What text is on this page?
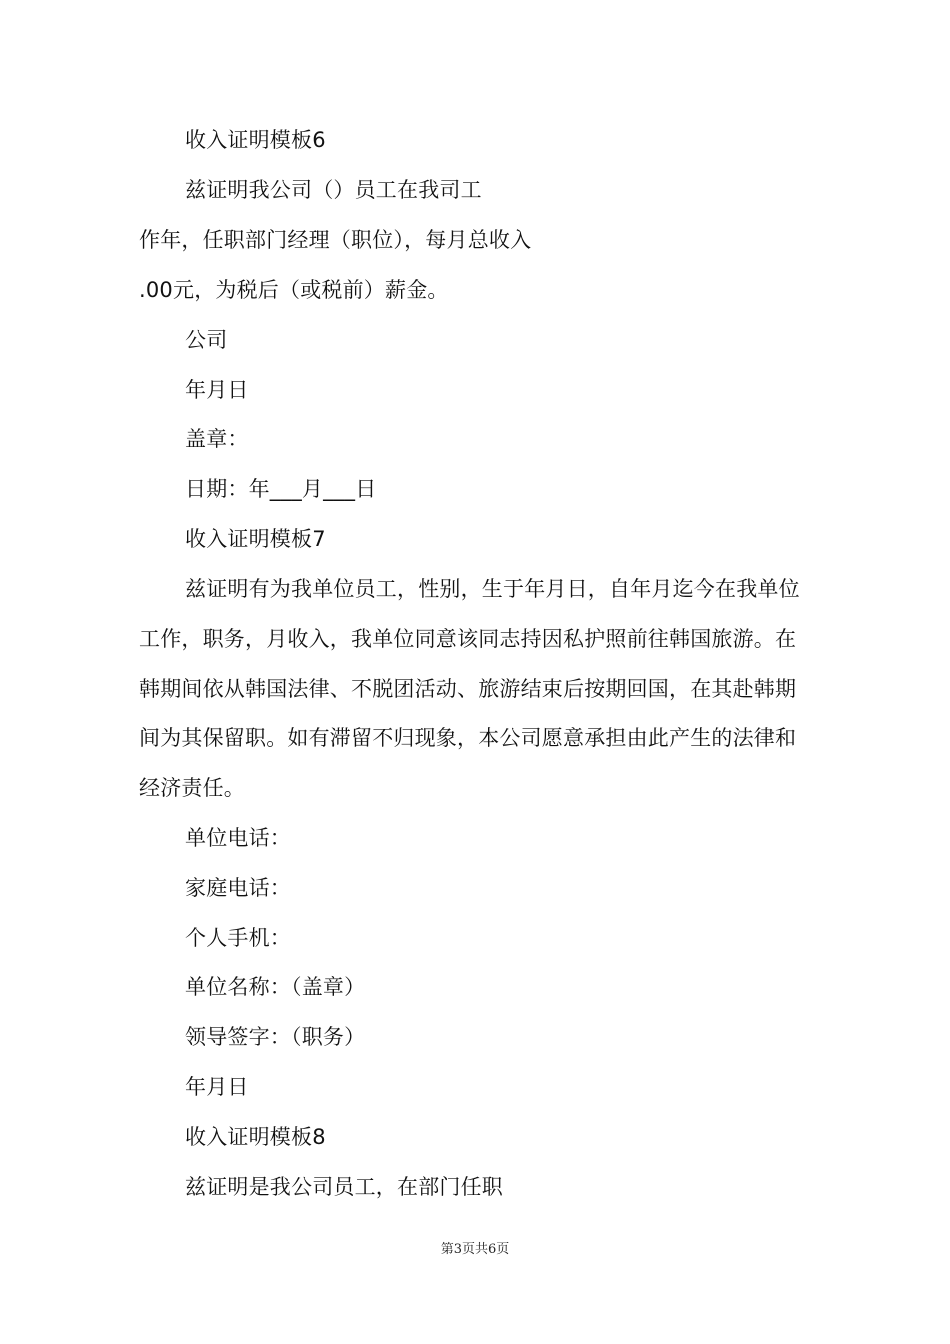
收入证明模板6
兹证明我公司（）员工在我司工
作年，任职部门经理（职位），每月总收入
.00元，为税后（或税前）薪金。
公司
年月日
盖章：
日期：年___月___日
收入证明模板7
兹证明有为我单位员工，性别，生于年月日，自年月迄今在我单位
工作，职务，月收入，我单位同意该同志持因私护照前往韩国旅游。在
韩期间依从韩国法律、不脱团活动、旅游结束后按期回国，在其赴韩期
间为其保留职。如有滞留不归现象，本公司愿意承担由此产生的法律和
经济责任。
单位电话：
家庭电话：
个人手机：
单位名称：（盖章）
领导签字：（职务）
年月日
收入证明模板8
兹证明是我公司员工，在部门任职
第3页共6页
